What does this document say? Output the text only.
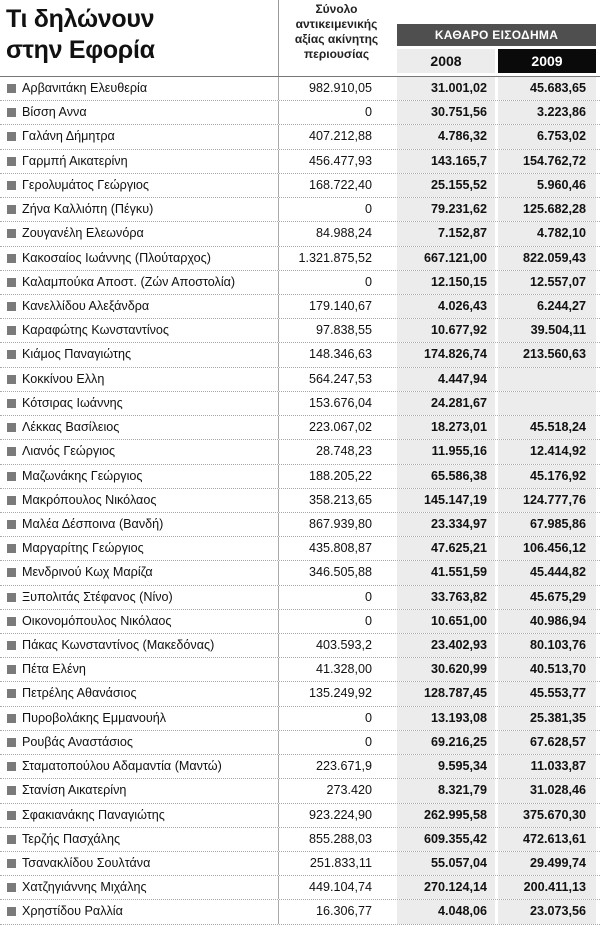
Τι δηλώνουν
στην Εφορία
Σύνολο
αντικειμενικής
αξίας ακίνητης
περιουσίας
ΚΑΘΑΡΟ ΕΙΣΟΔΗΜΑ
2008	2009
Αρβανιτάκη Ελευθερία	982.910,05	31.001,02	45.683,65
Βίσση Αννα	0	30.751,56	3.223,86
Γαλάνη Δήμητρα	407.212,88	4.786,32	6.753,02
Γαρμπή Αικατερίνη	456.477,93	143.165,7	154.762,72
Γερολυμάτος Γεώργιος	168.722,40	25.155,52	5.960,46
Ζήνα Καλλιόπη (Πέγκυ)	0	79.231,62	125.682,28
Ζουγανέλη Ελεωνόρα	84.988,24	7.152,87	4.782,10
Κακοσαίος Ιωάννης (Πλούταρχος)	1.321.875,52	667.121,00	822.059,43
Καλαμπούκα Αποστ. (Ζών Αποστολία)	0	12.150,15	12.557,07
Κανελλίδου Αλεξάνδρα	179.140,67	4.026,43	6.244,27
Καραφώτης Κωνσταντίνος	97.838,55	10.677,92	39.504,11
Κιάμος Παναγιώτης	148.346,63	174.826,74	213.560,63
Κοκκίνου Ελλη	564.247,53	4.447,94
Κότσιρας Ιωάννης	153.676,04	24.281,67
Λέκκας Βασίλειος	223.067,02	18.273,01	45.518,24
Λιανός Γεώργιος	28.748,23	11.955,16	12.414,92
Μαζωνάκης Γεώργιος	188.205,22	65.586,38	45.176,92
Μακρόπουλος Νικόλαος	358.213,65	145.147,19	124.777,76
Μαλέα Δέσποινα (Βανδή)	867.939,80	23.334,97	67.985,86
Μαργαρίτης Γεώργιος	435.808,87	47.625,21	106.456,12
Μενδρινού Κωχ Μαρίζα	346.505,88	41.551,59	45.444,82
Ξυπολιτάς Στέφανος (Νίνο)	0	33.763,82	45.675,29
Οικονομόπουλος Νικόλαος	0	10.651,00	40.986,94
Πάκας Κωνσταντίνος (Μακεδόνας)	403.593,2	23.402,93	80.103,76
Πέτα Ελένη	41.328,00	30.620,99	40.513,70
Πετρέλης Αθανάσιος	135.249,92	128.787,45	45.553,77
Πυροβολάκης Εμμανουήλ	0	13.193,08	25.381,35
Ρουβάς Αναστάσιος	0	69.216,25	67.628,57
Σταματοπούλου Αδαμαντία (Μαντώ)	223.671,9	9.595,34	11.033,87
Στανίση Αικατερίνη	273.420	8.321,79	31.028,46
Σφακιανάκης Παναγιώτης	923.224,90	262.995,58	375.670,30
Τερζής Πασχάλης	855.288,03	609.355,42	472.613,61
Τσανακλίδου Σουλτάνα	251.833,11	55.057,04	29.499,74
Χατζηγιάννης Μιχάλης	449.104,74	270.124,14	200.411,13
Χρηστίδου Ραλλία	16.306,77	4.048,06	23.073,56
